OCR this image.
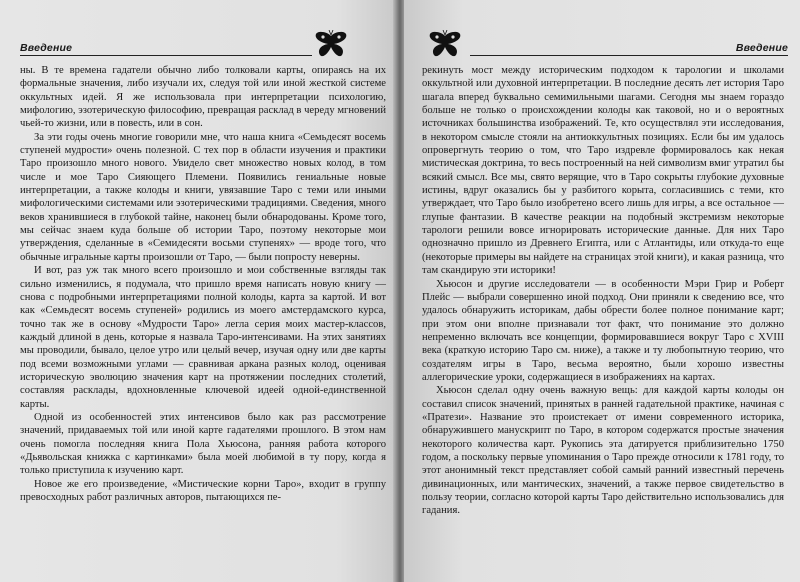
Введение

ны. В те времена гадатели обычно либо толковали карты, опираясь на их формальные значения, либо изучали их, следуя той или иной жесткой системе оккультных идей. Я же использовала при интерпретации психологию, мифологию, эзотерическую философию, превращая расклад в череду мгновений чьей-то жизни, или в повесть, или в сон.

За эти годы очень многие говорили мне, что наша книга «Семьдесят восемь ступеней мудрости» очень полезной. С тех пор в области изучения и практики Таро произошло много нового. Увидело свет множество новых колод, в том числе и мое Таро Сияющего Племени. Появились гениальные новые интерпретации, а также колоды и книги, увязавшие Таро с теми или иными мифологическими системами или эзотерическими традициями. Сведения, много веков хранившиеся в глубокой тайне, наконец были обнародованы. Кроме того, мы сейчас знаем куда больше об истории Таро, поэтому некоторые мои утверждения, сделанные в «Семидесяти восьми ступенях» — вроде того, что обычные игральные карты произошли от Таро, — были попросту неверны.

И вот, раз уж так много всего произошло и мои собственные взгляды так сильно изменились, я подумала, что пришло время написать новую книгу — снова с подробными интерпретациями полной колоды, карта за картой. И вот как «Семьдесят восемь ступеней» родились из моего амстердамского курса, точно так же в основу «Мудрости Таро» легла серия моих мастер-классов, каждый длиной в день, которые я назвала Таро-интенсивами. На этих занятиях мы проводили, бывало, целое утро или целый вечер, изучая одну или две карты под всеми возможными углами — сравнивая аркана разных колод, оценивая историческую эволюцию значения карт на протяжении последних столетий, составляя расклады, вдохновленные ключевой идеей одной-единственной карты.

Одной из особенностей этих интенсивов было как раз рассмотрение значений, придаваемых той или иной карте гадателями прошлого. В этом нам очень помогла последняя книга Пола Хьюсона, ранняя работа которого «Дьявольская книжка с картинками» была моей любимой в ту пору, когда я только приступила к изучению карт.

Новое же его произведение, «Мистические корни Таро», входит в группу превосходных работ различных авторов, пытающихся пе-

Введение

рекинуть мост между историческим подходом к тарологии и школами оккультной или духовной интерпретации. В последние десять лет история Таро шагала вперед буквально семимильными шагами. Сегодня мы знаем гораздо больше не только о происхождении колоды как таковой, но и о вероятных источниках большинства изображений. Те, кто осуществлял эти исследования, в некотором смысле стояли на антиоккультных позициях. Если бы им удалось опровергнуть теорию о том, что Таро издревле формировалось как некая мистическая доктрина, то весь построенный на ней символизм вмиг утратил бы всякий смысл. Все мы, свято верящие, что в Таро сокрыты глубокие духовные истины, вдруг оказались бы у разбитого корыта, согласившись с теми, кто утверждает, что Таро было изобретено всего лишь для игры, а все остальное — глупые фантазии. В качестве реакции на подобный экстремизм некоторые тарологи решили вовсе игнорировать исторические данные. Для них Таро однозначно пришло из Древнего Египта, или с Атлантиды, или откуда-то еще (некоторые примеры вы найдете на страницах этой книги), и какая разница, что там скандирую эти историки!

Хьюсон и другие исследователи — в особенности Мэри Грир и Роберт Плейс — выбрали совершенно иной подход. Они приняли к сведению все, что удалось обнаружить историкам, дабы обрести более полное понимание карт; при этом они вполне признавали тот факт, что понимание это должно непременно включать все концепции, формировавшиеся вокруг Таро с XVIII века (краткую историю Таро см. ниже), а также и ту любопытную теорию, что создателям игры в Таро, весьма вероятно, были хорошо известны аллегорические уроки, содержащиеся в изображениях на картах.

Хьюсон сделал одну очень важную вещь: для каждой карты колоды он составил список значений, принятых в ранней гадательной практике, начиная с «Пратези». Название это проистекает от имени современного историка, обнаружившего манускрипт по Таро, в котором содержатся простые значения некоторого количества карт. Рукопись эта датируется приблизительно 1750 годом, а поскольку первые упоминания о Таро прежде относили к 1781 году, то этот анонимный текст представляет собой самый ранний известный перечень дивинационных, или мантических, значений, а также первое свидетельство в пользу теории, согласно которой карты Таро действительно использовались для гадания.
